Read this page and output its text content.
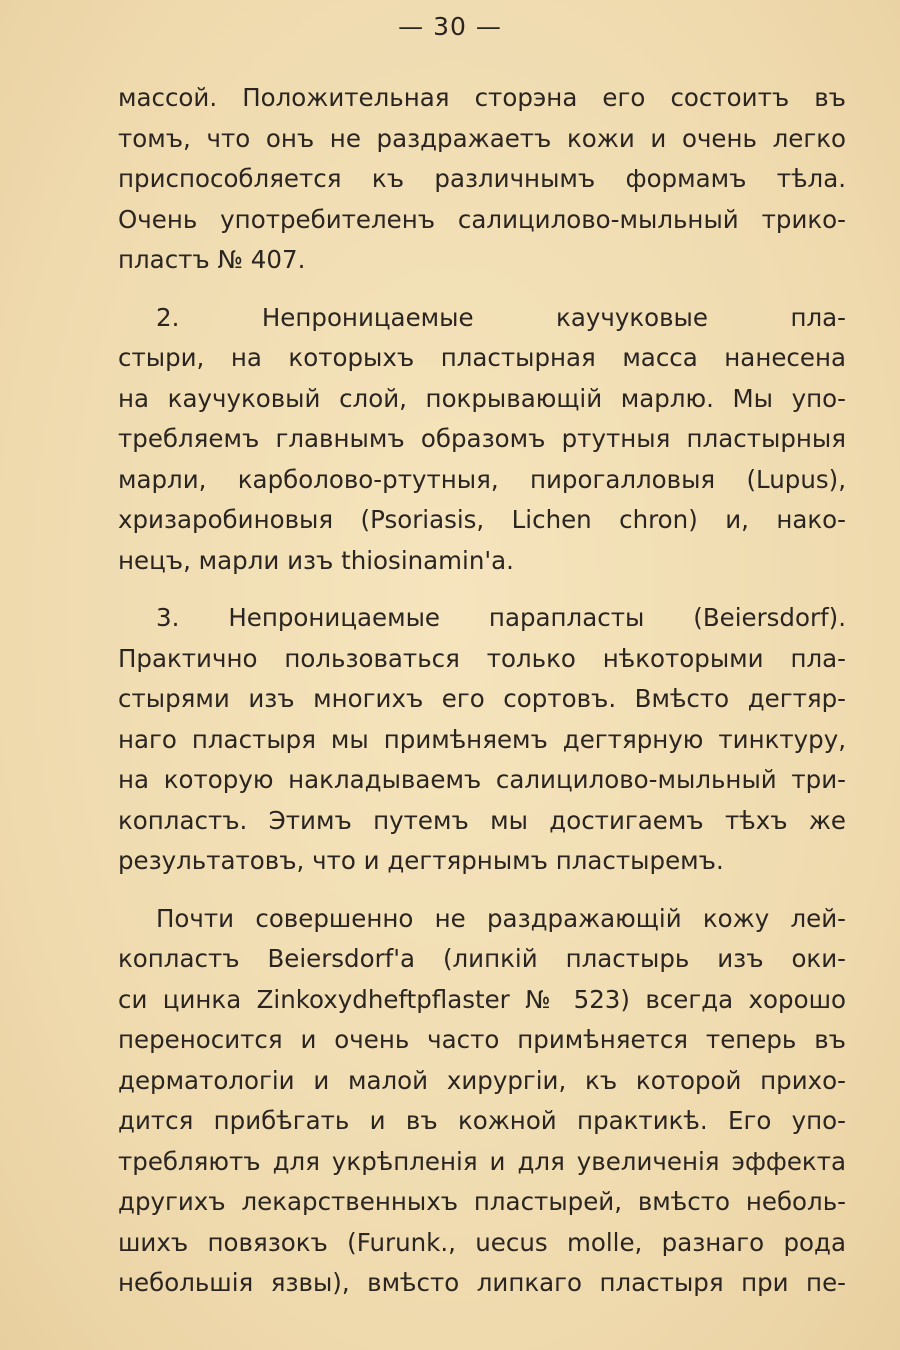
— 30 —
массой. Положительная сторэна его состоитъ въ
томъ, что онъ не раздражаетъ кожи и очень легко
приспособляется къ различнымъ формамъ тѣла.
Очень употребителенъ салицилово-мыльный трико-
пластъ № 407.
2. Непроницаемые каучуковые пла-
стыри, на которыхъ пластырная масса нанесена
на каучуковый слой, покрывающій марлю. Мы упо-
требляемъ главнымъ образомъ ртутныя пластырныя
марли, карболово-ртутныя, пирогалловыя (Lupus),
хризаробиновыя (Psoriasis, Lichen chron) и, нако-
нецъ, марли изъ thiosinamin'a.
3. Непроницаемые парапласты (Beiersdorf).
Практично пользоваться только нѣкоторыми пла-
стырями изъ многихъ его сортовъ. Вмѣсто дегтяр-
наго пластыря мы примѣняемъ дегтярную тинктуру,
на которую накладываемъ салицилово-мыльный три-
копластъ. Этимъ путемъ мы достигаемъ тѣхъ же
результатовъ, что и дегтярнымъ пластыремъ.
Почти совершенно не раздражающій кожу лей-
копластъ Beiersdorf'a (липкій пластырь изъ оки-
си цинка Zinkoxydheftpflaster № 523) всегда хорошо
переносится и очень часто примѣняется теперь въ
дерматологіи и малой хирургіи, къ которой прихо-
дится прибѣгать и въ кожной практикѣ. Его упо-
требляютъ для укрѣпленія и для увеличенія эффекта
другихъ лекарственныхъ пластырей, вмѣсто неболь-
шихъ повязокъ (Furunk., uecus molle, разнаго рода
небольшія язвы), вмѣсто липкаго пластыря при пе-
